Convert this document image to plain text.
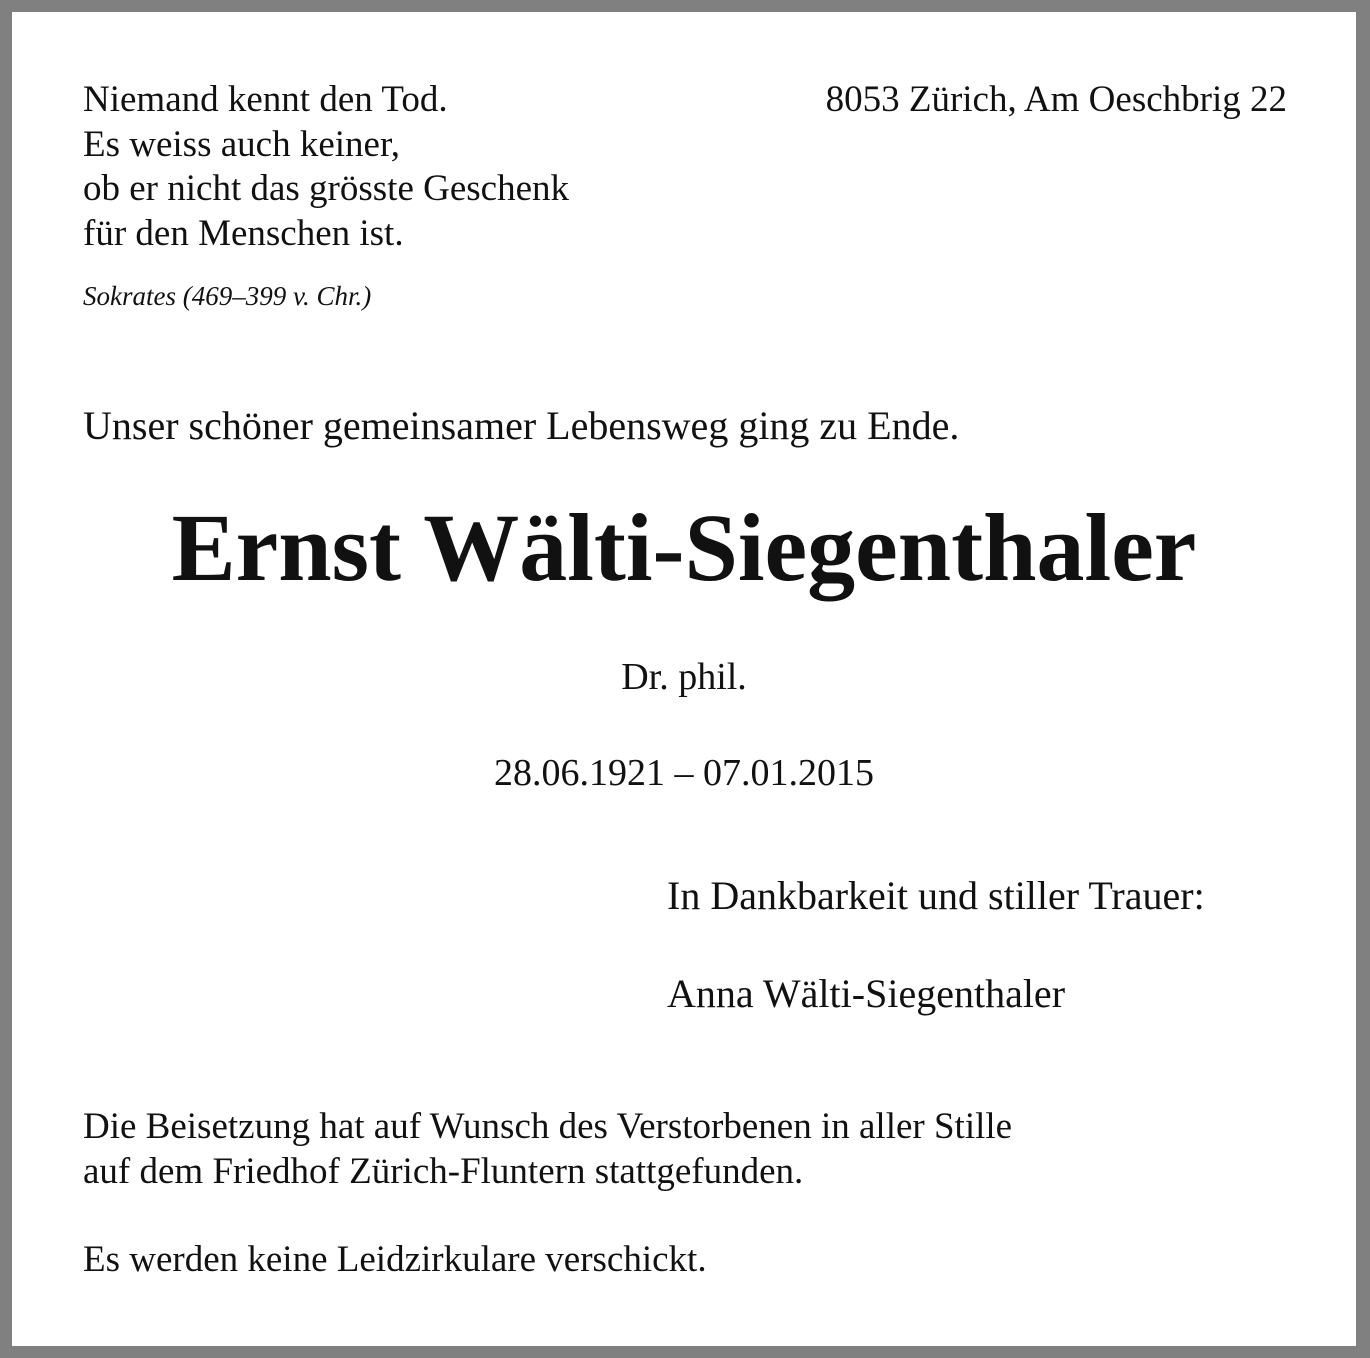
Niemand kennt den Tod.
Es weiss auch keiner,
ob er nicht das grösste Geschenk
für den Menschen ist.
Sokrates (469–399 v. Chr.)
8053 Zürich, Am Oeschbrig 22
Unser schöner gemeinsamer Lebensweg ging zu Ende.
Ernst Wälti-Siegenthaler
Dr. phil.
28.06.1921 – 07.01.2015
In Dankbarkeit und stiller Trauer:
Anna Wälti-Siegenthaler
Die Beisetzung hat auf Wunsch des Verstorbenen in aller Stille
auf dem Friedhof Zürich-Fluntern stattgefunden.
Es werden keine Leidzirkulare verschickt.
